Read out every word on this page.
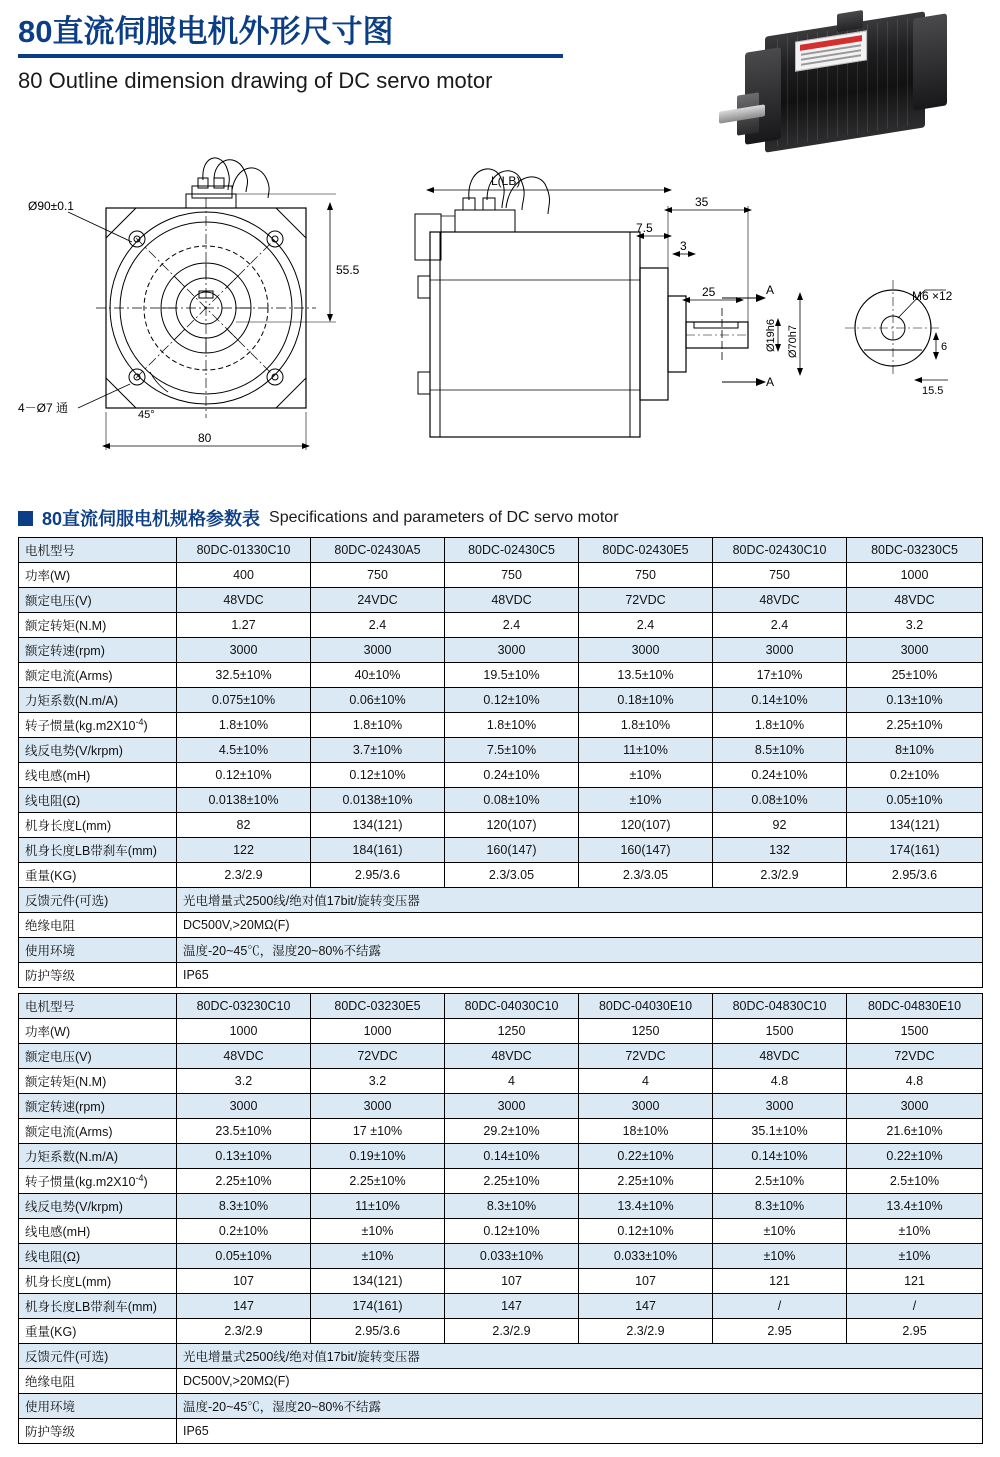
80直流伺服电机外形尺寸图
80 Outline dimension drawing of DC servo motor
L(LB)
Ø90±0.1
55.5
4－Ø7 通	45°
80
35
7.5
3
25	A
A
Ø19h6 Ø70h7
M6 ×12
6
15.5
80直流伺服电机规格参数表 Specifications and parameters of DC servo motor
电机型号	80DC-01330C10	80DC-02430A5	80DC-02430C5	80DC-02430E5	80DC-02430C10	80DC-03230C5
功率(W)	400	750	750	750	750	1000
额定电压(V)	48VDC	24VDC	48VDC	72VDC	48VDC	48VDC
额定转矩(N.M)	1.27	2.4	2.4	2.4	2.4	3.2
额定转速(rpm)	3000	3000	3000	3000	3000	3000
额定电流(Arms)	32.5±10%	40±10%	19.5±10%	13.5±10%	17±10%	25±10%
力矩系数(N.m/A)	0.075±10%	0.06±10%	0.12±10%	0.18±10%	0.14±10%	0.13±10%
转子惯量$(kg.m2X10^{-4})$	1.8±10%	1.8±10%	1.8±10%	1.8±10%	1.8±10%	2.25±10%
线反电势(V/krpm)	4.5±10%	3.7±10%	7.5±10%	11±10%	8.5±10%	8±10%
线电感(mH)	0.12±10%	0.12±10%	0.24±10%	±10%	0.24±10%	0.2±10%
线电阻(Ω)	0.0138±10%	0.0138±10%	0.08±10%	±10%	0.08±10%	0.05±10%
机身长度L(mm)	82	134(121)	120(107)	120(107)	92	134(121)
机身长度LB带刹车(mm)	122	184(161)	160(147)	160(147)	132	174(161)
重量(KG)	2.3/2.9	2.95/3.6	2.3/3.05	2.3/3.05	2.3/2.9	2.95/3.6
反馈元件(可选)	光电增量式2500线/绝对值17bit/旋转变压器					
绝缘电阻	DC500V,>20MΩ(F)					
使用环境	温度-20~45℃，湿度20~80%不结露					
防护等级	IP65					
电机型号	80DC-03230C10	80DC-03230E5	80DC-04030C10	80DC-04030E10	80DC-04830C10	80DC-04830E10
功率(W)	1000	1000	1250	1250	1500	1500
额定电压(V)	48VDC	72VDC	48VDC	72VDC	48VDC	72VDC
额定转矩(N.M)	3.2	3.2	4	4	4.8	4.8
额定转速(rpm)	3000	3000	3000	3000	3000	3000
额定电流(Arms)	23.5±10%	17 ±10%	29.2±10%	18±10%	35.1±10%	21.6±10%
力矩系数(N.m/A)	0.13±10%	0.19±10%	0.14±10%	0.22±10%	0.14±10%	0.22±10%
转子惯量$(kg.m2X10^{-4})$	2.25±10%	2.25±10%	2.25±10%	2.25±10%	2.5±10%	2.5±10%
线反电势(V/krpm)	8.3±10%	11±10%	8.3±10%	13.4±10%	8.3±10%	13.4±10%
线电感(mH)	0.2±10%	±10%	0.12±10%	0.12±10%	±10%	±10%
线电阻(Ω)	0.05±10%	±10%	0.033±10%	0.033±10%	±10%	±10%
机身长度L(mm)	107	134(121)	107	107	121	121
机身长度LB带刹车(mm)	147	174(161)	147	147	/	/
重量(KG)	2.3/2.9	2.95/3.6	2.3/2.9	2.3/2.9	2.95	2.95
反馈元件(可选)	光电增量式2500线/绝对值17bit/旋转变压器					
绝缘电阻	DC500V,>20MΩ(F)					
使用环境	温度-20~45℃，湿度20~80%不结露					
防护等级	IP65					
